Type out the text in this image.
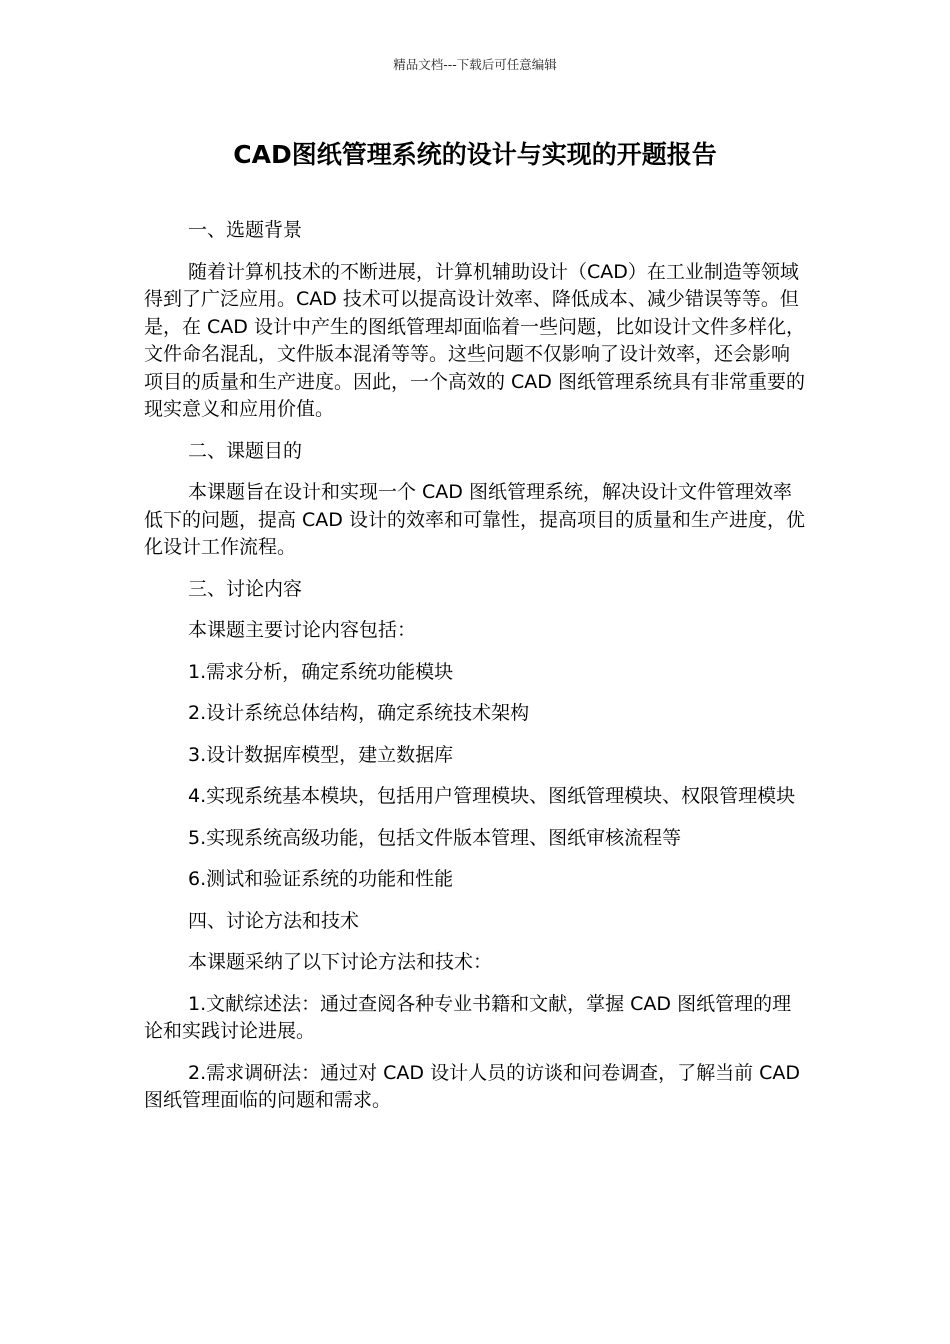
精品文档---下载后可任意编辑
CAD图纸管理系统的设计与实现的开题报告

一、选题背景

随着计算机技术的不断进展，计算机辅助设计（CAD）在工业制造等领域得到了广泛应用。CAD 技术可以提高设计效率、降低成本、减少错误等等。但是，在 CAD 设计中产生的图纸管理却面临着一些问题，比如设计文件多样化，文件命名混乱，文件版本混淆等等。这些问题不仅影响了设计效率，还会影响项目的质量和生产进度。因此，一个高效的 CAD 图纸管理系统具有非常重要的现实意义和应用价值。

二、课题目的

本课题旨在设计和实现一个 CAD 图纸管理系统，解决设计文件管理效率低下的问题，提高 CAD 设计的效率和可靠性，提高项目的质量和生产进度，优化设计工作流程。

三、讨论内容

本课题主要讨论内容包括：

1.需求分析，确定系统功能模块

2.设计系统总体结构，确定系统技术架构

3.设计数据库模型，建立数据库

4.实现系统基本模块，包括用户管理模块、图纸管理模块、权限管理模块

5.实现系统高级功能，包括文件版本管理、图纸审核流程等

6.测试和验证系统的功能和性能

四、讨论方法和技术

本课题采纳了以下讨论方法和技术：

1.文献综述法：通过查阅各种专业书籍和文献，掌握 CAD 图纸管理的理论和实践讨论进展。

2.需求调研法：通过对 CAD 设计人员的访谈和问卷调查，了解当前 CAD 图纸管理面临的问题和需求。
